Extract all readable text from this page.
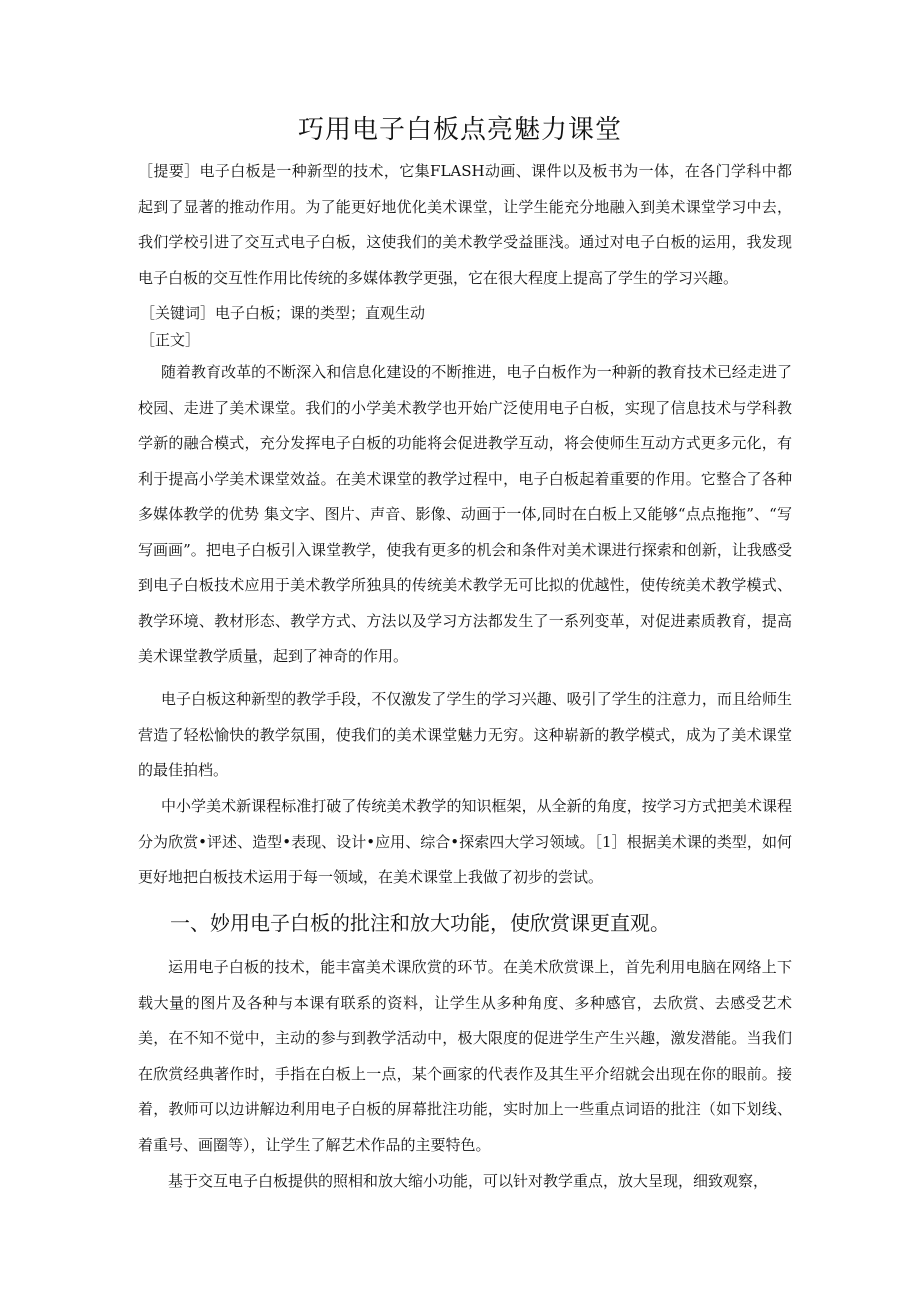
巧用电子白板点亮魅力课堂

［提要］电子白板是一种新型的技术，它集FLASH动画、课件以及板书为一体，在各门学科中都起到了显著的推动作用。为了能更好地优化美术课堂，让学生能充分地融入到美术课堂学习中去，我们学校引进了交互式电子白板，这使我们的美术教学受益匪浅。通过对电子白板的运用，我发现电子白板的交互性作用比传统的多媒体教学更强，它在很大程度上提高了学生的学习兴趣。

［关键词］电子白板；课的类型；直观生动

［正文］

随着教育改革的不断深入和信息化建设的不断推进，电子白板作为一种新的教育技术已经走进了校园、走进了美术课堂。我们的小学美术教学也开始广泛使用电子白板，实现了信息技术与学科教学新的融合模式，充分发挥电子白板的功能将会促进教学互动，将会使师生互动方式更多元化，有利于提高小学美术课堂效益。在美术课堂的教学过程中，电子白板起着重要的作用。它整合了各种多媒体教学的优势 集文字、图片、声音、影像、动画于一体,同时在白板上又能够“点点拖拖”、“写写画画”。把电子白板引入课堂教学，使我有更多的机会和条件对美术课进行探索和创新，让我感受到电子白板技术应用于美术教学所独具的传统美术教学无可比拟的优越性，使传统美术教学模式、教学环境、教材形态、教学方式、方法以及学习方法都发生了一系列变革，对促进素质教育，提高美术课堂教学质量，起到了神奇的作用。

电子白板这种新型的教学手段，不仅激发了学生的学习兴趣、吸引了学生的注意力，而且给师生营造了轻松愉快的教学氛围，使我们的美术课堂魅力无穷。这种崭新的教学模式，成为了美术课堂的最佳拍档。

中小学美术新课程标准打破了传统美术教学的知识框架，从全新的角度，按学习方式把美术课程分为欣赏•评述、造型•表现、设计•应用、综合•探索四大学习领域。［1］根据美术课的类型，如何更好地把白板技术运用于每一领域，在美术课堂上我做了初步的尝试。

一、妙用电子白板的批注和放大功能，使欣赏课更直观。

运用电子白板的技术，能丰富美术课欣赏的环节。在美术欣赏课上，首先利用电脑在网络上下载大量的图片及各种与本课有联系的资料，让学生从多种角度、多种感官，去欣赏、去感受艺术美，在不知不觉中，主动的参与到教学活动中，极大限度的促进学生产生兴趣，激发潜能。当我们在欣赏经典著作时，手指在白板上一点，某个画家的代表作及其生平介绍就会出现在你的眼前。接着，教师可以边讲解边利用电子白板的屏幕批注功能，实时加上一些重点词语的批注（如下划线、着重号、画圈等），让学生了解艺术作品的主要特色。

基于交互电子白板提供的照相和放大缩小功能，可以针对教学重点，放大呈现，细致观察，
